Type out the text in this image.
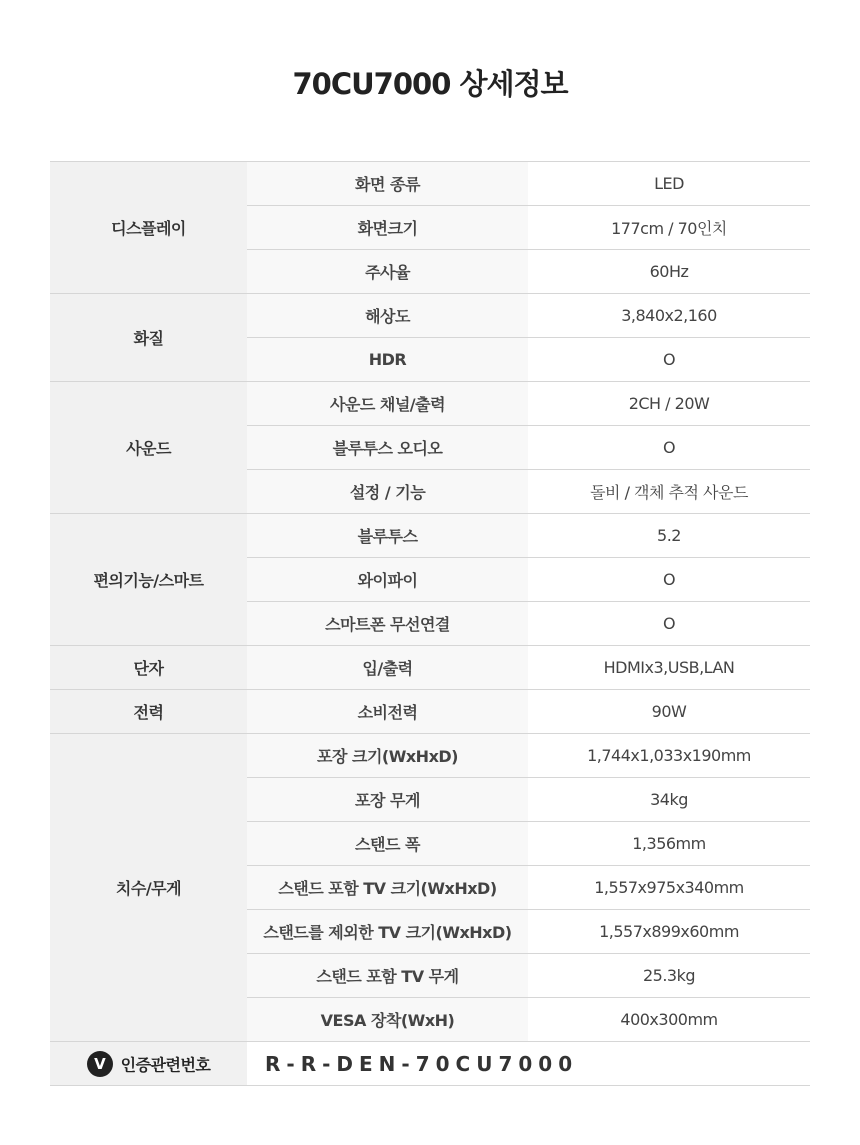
70CU7000 상세정보
디스플레이	화면 종류	LED
	화면크기	177cm / 70인치
	주사율	60Hz
화질	해상도	3,840x2,160
	HDR	O
사운드	사운드 채널/출력	2CH / 20W
	블루투스 오디오	O
	설정 / 기능	돌비 / 객체 추적 사운드
편의기능/스마트	블루투스	5.2
	와이파이	O
	스마트폰 무선연결	O
단자	입/출력	HDMIx3,USB,LAN
전력	소비전력	90W
치수/무게	포장 크기(WxHxD)	1,744x1,033x190mm
	포장 무게	34kg
	스탠드 폭	1,356mm
	스탠드 포함 TV 크기(WxHxD)	1,557x975x340mm
	스탠드를 제외한 TV 크기(WxHxD)	1,557x899x60mm
	스탠드 포함 TV 무게	25.3kg
	VESA 장착(WxH)	400x300mm
V 인증관련번호	R-R-DEN-70CU7000	
